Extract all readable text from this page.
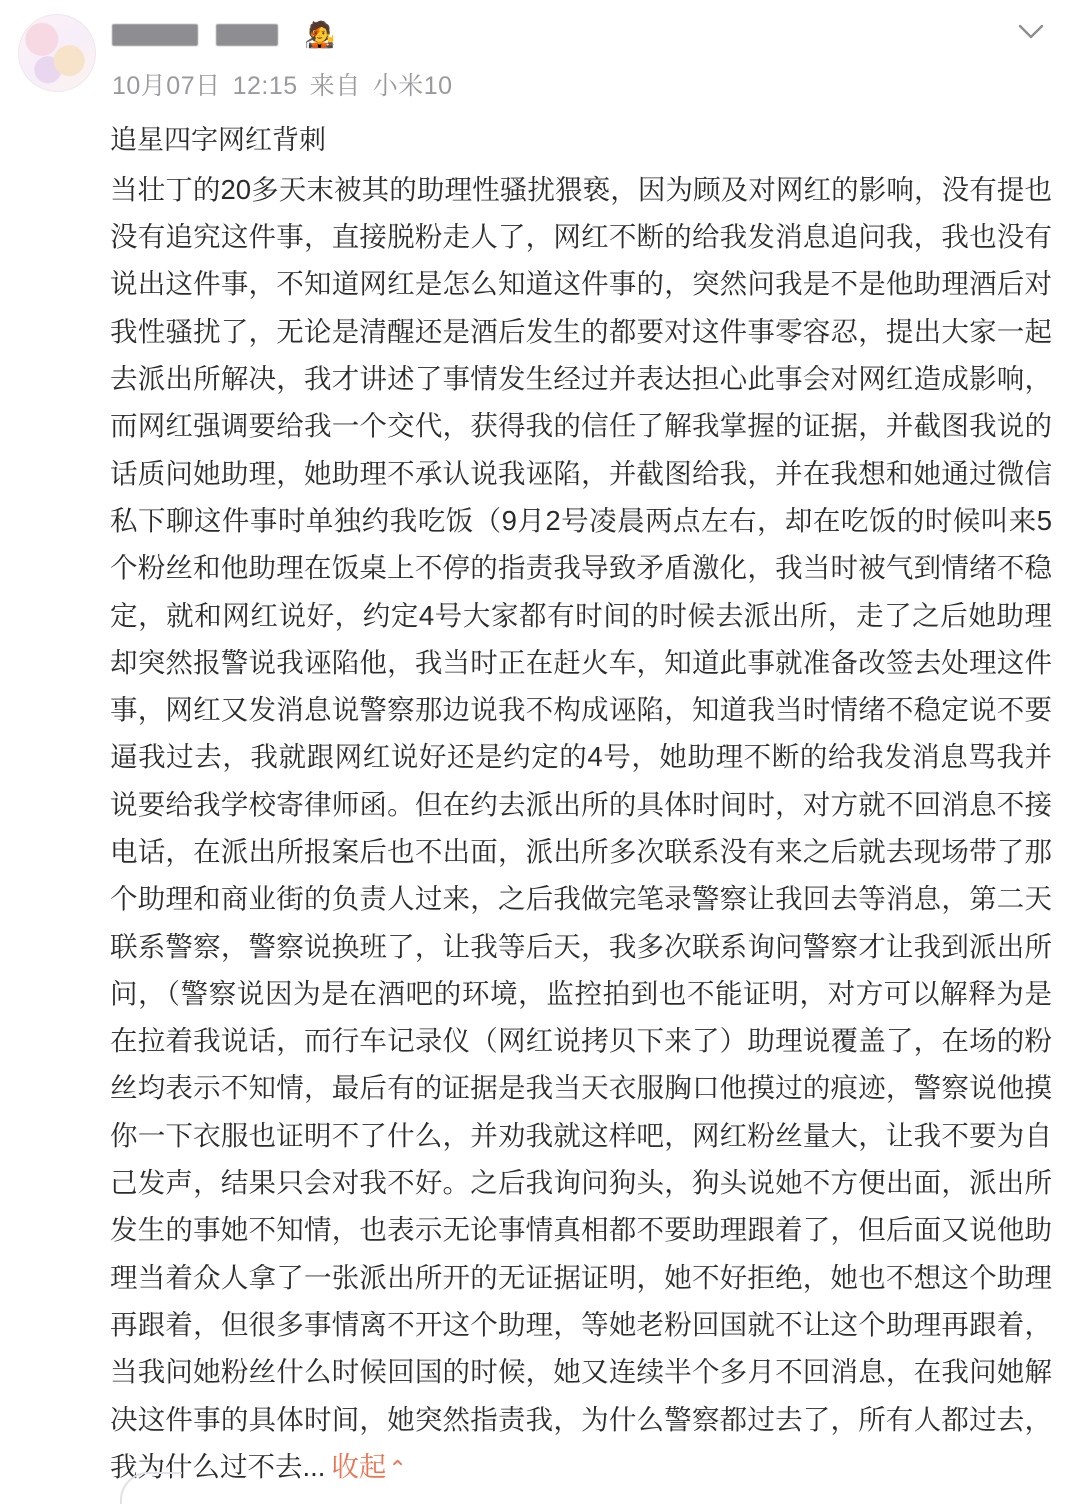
🧑‍🎤
10月07日 12:15 来自 小米10
追星四字网红背刺
当壮丁的20多天末被其的助理性骚扰猥亵，因为顾及对网红的影响，没有提也没有追究这件事，直接脱粉走人了，网红不断的给我发消息追问我，我也没有说出这件事，不知道网红是怎么知道这件事的，突然问我是不是他助理酒后对我性骚扰了，无论是清醒还是酒后发生的都要对这件事零容忍，提出大家一起去派出所解决，我才讲述了事情发生经过并表达担心此事会对网红造成影响，而网红强调要给我一个交代，获得我的信任了解我掌握的证据，并截图我说的话质问她助理，她助理不承认说我诬陷，并截图给我，并在我想和她通过微信私下聊这件事时单独约我吃饭（9月2号凌晨两点左右，却在吃饭的时候叫来5个粉丝和他助理在饭桌上不停的指责我导致矛盾激化，我当时被气到情绪不稳定，就和网红说好，约定4号大家都有时间的时候去派出所，走了之后她助理却突然报警说我诬陷他，我当时正在赶火车，知道此事就准备改签去处理这件事，网红又发消息说警察那边说我不构成诬陷，知道我当时情绪不稳定说不要逼我过去，我就跟网红说好还是约定的4号，她助理不断的给我发消息骂我并说要给我学校寄律师函。但在约去派出所的具体时间时，对方就不回消息不接电话，在派出所报案后也不出面，派出所多次联系没有来之后就去现场带了那个助理和商业街的负责人过来，之后我做完笔录警察让我回去等消息，第二天联系警察，警察说换班了，让我等后天，我多次联系询问警察才让我到派出所问，（警察说因为是在酒吧的环境，监控拍到也不能证明，对方可以解释为是在拉着我说话，而行车记录仪（网红说拷贝下来了）助理说覆盖了，在场的粉丝均表示不知情，最后有的证据是我当天衣服胸口他摸过的痕迹，警察说他摸你一下衣服也证明不了什么，并劝我就这样吧，网红粉丝量大，让我不要为自己发声，结果只会对我不好。之后我询问狗头，狗头说她不方便出面，派出所发生的事她不知情，也表示无论事情真相都不要助理跟着了，但后面又说他助理当着众人拿了一张派出所开的无证据证明，她不好拒绝，她也不想这个助理再跟着，但很多事情离不开这个助理，等她老粉回国就不让这个助理再跟着，当我问她粉丝什么时候回国的时候，她又连续半个多月不回消息，在我问她解决这件事的具体时间，她突然指责我，为什么警察都过去了，所有人都过去，我为什么过不去... 收起⌃
